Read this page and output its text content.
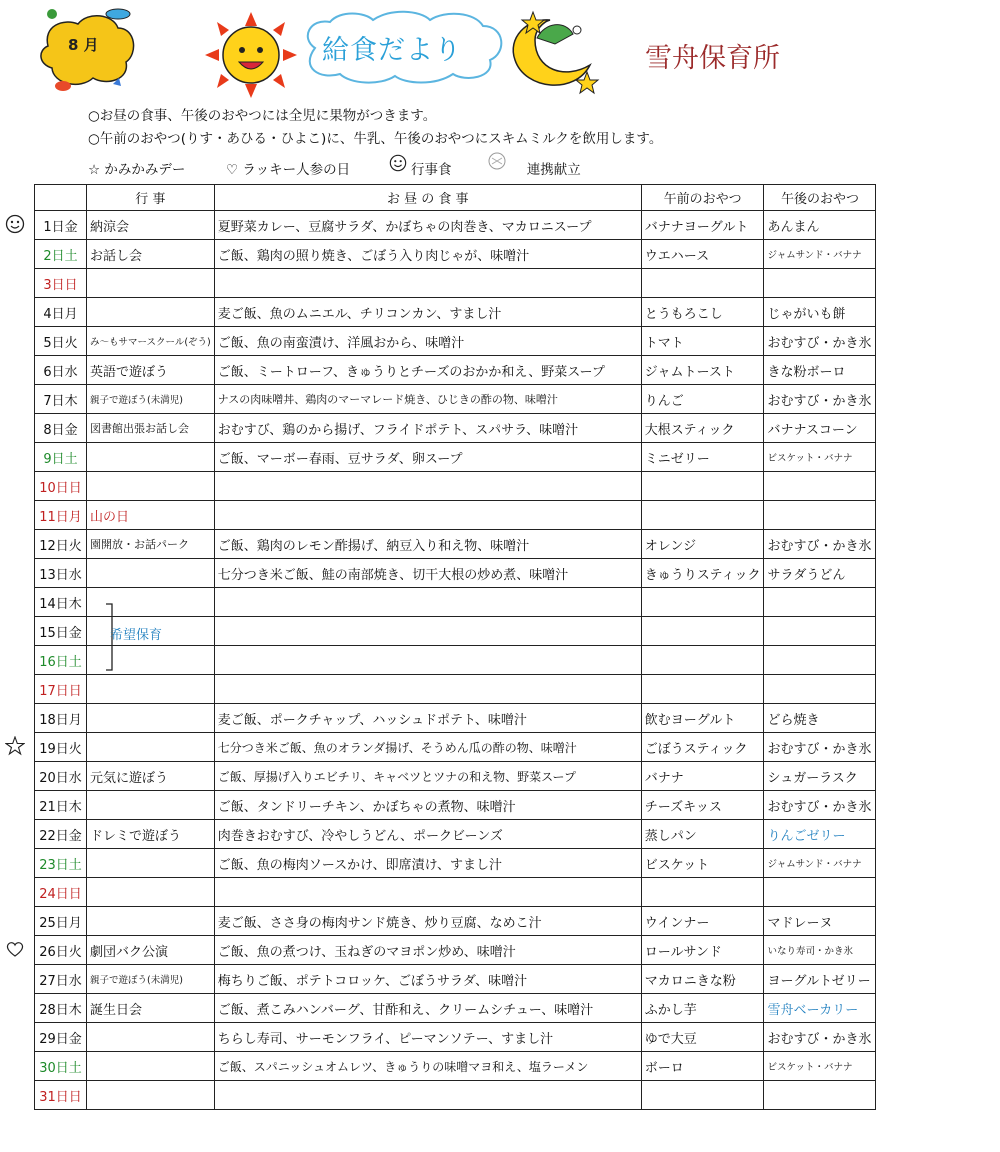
8 月	給食だより	雪舟保育所
○お昼の食事、午後のおやつには全児に果物がつきます。
○午前のおやつ(りす・あひる・ひよこ)に、牛乳、午後のおやつにスキムミルクを飲用します。
☆ かみかみデー	♡ ラッキー人参の日	行事食	連携献立
	行 事	お 昼 の 食 事	午前のおやつ	午後のおやつ
1日金	納涼会	夏野菜カレー、豆腐サラダ、かぼちゃの肉巻き、マカロニスープ	バナナヨーグルト	あんまん
2日土	お話し会	ご飯、鶏肉の照り焼き、ごぼう入り肉じゃが、味噌汁	ウエハース	ジャムサンド・バナナ
3日日				
4日月		麦ご飯、魚のムニエル、チリコンカン、すまし汁	とうもろこし	じゃがいも餅
5日火	み～もサマースクール(ぞう)	ご飯、魚の南蛮漬け、洋風おから、味噌汁	トマト	おむすび・かき氷
6日水	英語で遊ぼう	ご飯、ミートローフ、きゅうりとチーズのおかか和え、野菜スープ	ジャムトースト	きな粉ボーロ
7日木	親子で遊ぼう(未満児)	ナスの肉味噌丼、鶏肉のマーマレード焼き、ひじきの酢の物、味噌汁	りんご	おむすび・かき氷
8日金	図書館出張お話し会	おむすび、鶏のから揚げ、フライドポテト、スパサラ、味噌汁	大根スティック	バナナスコーン
9日土		ご飯、マーボー春雨、豆サラダ、卵スープ	ミニゼリー	ビスケット・バナナ
10日日				
11日月	山の日			
12日火	園開放・お話パーク	ご飯、鶏肉のレモン酢揚げ、納豆入り和え物、味噌汁	オレンジ	おむすび・かき氷
13日水		七分つき米ご飯、鮭の南部焼き、切干大根の炒め煮、味噌汁	きゅうりスティック	サラダうどん
14日木				
15日金				
16日土				
17日日				
18日月		麦ご飯、ポークチャップ、ハッシュドポテト、味噌汁	飲むヨーグルト	どら焼き
19日火		七分つき米ご飯、魚のオランダ揚げ、そうめん瓜の酢の物、味噌汁	ごぼうスティック	おむすび・かき氷
20日水	元気に遊ぼう	ご飯、厚揚げ入りエビチリ、キャベツとツナの和え物、野菜スープ	バナナ	シュガーラスク
21日木		ご飯、タンドリーチキン、かぼちゃの煮物、味噌汁	チーズキッス	おむすび・かき氷
22日金	ドレミで遊ぼう	肉巻きおむすび、冷やしうどん、ポークビーンズ	蒸しパン	りんごゼリー
23日土		ご飯、魚の梅肉ソースかけ、即席漬け、すまし汁	ビスケット	ジャムサンド・バナナ
24日日				
25日月		麦ご飯、ささ身の梅肉サンド焼き、炒り豆腐、なめこ汁	ウインナー	マドレーヌ
26日火	劇団バク公演	ご飯、魚の煮つけ、玉ねぎのマヨポン炒め、味噌汁	ロールサンド	いなり寿司・かき氷
27日水	親子で遊ぼう(未満児)	梅ちりご飯、ポテトコロッケ、ごぼうサラダ、味噌汁	マカロニきな粉	ヨーグルトゼリー
28日木	誕生日会	ご飯、煮こみハンバーグ、甘酢和え、クリームシチュー、味噌汁	ふかし芋	雪舟ベーカリー
29日金		ちらし寿司、サーモンフライ、ピーマンソテー、すまし汁	ゆで大豆	おむすび・かき氷
30日土		ご飯、スパニッシュオムレツ、きゅうりの味噌マヨ和え、塩ラーメン	ボーロ	ビスケット・バナナ
31日日				
希望保育
